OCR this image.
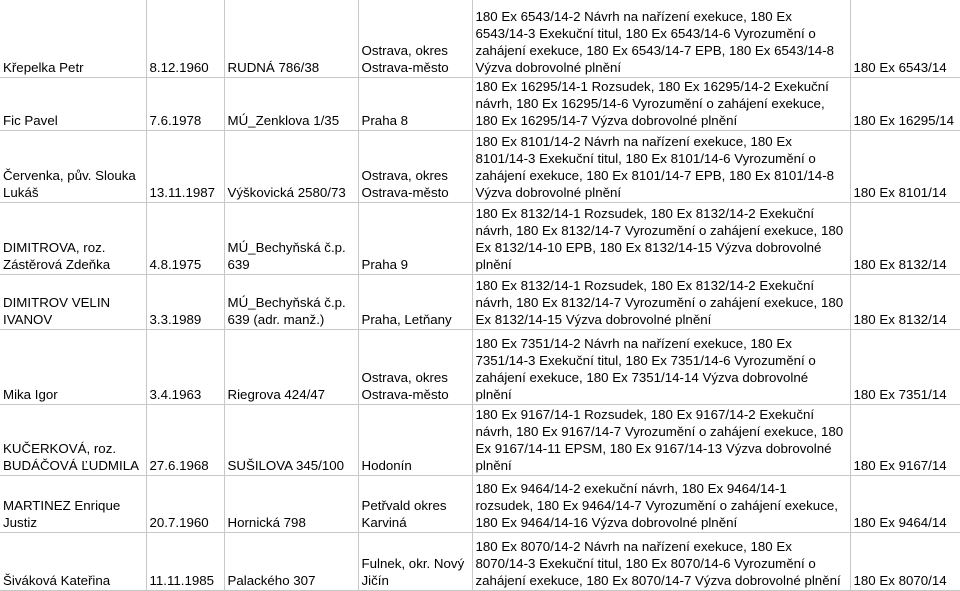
Křepelka Petr	8.12.1960	RUDNÁ 786/38	Ostrava, okres Ostrava-město	180 Ex 6543/14-2 Návrh na nařízení exekuce, 180 Ex 6543/14-3 Exekuční titul, 180 Ex 6543/14-6 Vyrozumění o zahájení exekuce, 180 Ex 6543/14-7 EPB, 180 Ex 6543/14-8 Výzva dobrovolné plnění	180 Ex 6543/14
Fic Pavel	7.6.1978	MÚ_Zenklova 1/35	Praha 8	180 Ex 16295/14-1 Rozsudek, 180 Ex 16295/14-2 Exekuční návrh, 180 Ex 16295/14-6 Vyrozumění o zahájení exekuce, 180 Ex 16295/14-7 Výzva dobrovolné plnění	180 Ex 16295/14
Červenka, pův. Slouka Lukáš	13.11.1987	Výškovická 2580/73	Ostrava, okres Ostrava-město	180 Ex 8101/14-2 Návrh na nařízení exekuce, 180 Ex 8101/14-3 Exekuční titul, 180 Ex 8101/14-6 Vyrozumění o zahájení exekuce, 180 Ex 8101/14-7 EPB, 180 Ex 8101/14-8 Výzva dobrovolné plnění	180 Ex 8101/14
DIMITROVA, roz. Zástěrová Zdeňka	4.8.1975	MÚ_Bechyňská č.p. 639	Praha 9	180 Ex 8132/14-1 Rozsudek, 180 Ex 8132/14-2 Exekuční návrh, 180 Ex 8132/14-7 Vyrozumění o zahájení exekuce, 180 Ex 8132/14-10 EPB, 180 Ex 8132/14-15 Výzva dobrovolné plnění	180 Ex 8132/14
DIMITROV VELIN IVANOV	3.3.1989	MÚ_Bechyňská č.p. 639 (adr. manž.)	Praha, Letňany	180 Ex 8132/14-1 Rozsudek, 180 Ex 8132/14-2 Exekuční návrh, 180 Ex 8132/14-7 Vyrozumění o zahájení exekuce, 180 Ex 8132/14-15 Výzva dobrovolné plnění	180 Ex 8132/14
Mika Igor	3.4.1963	Riegrova 424/47	Ostrava, okres Ostrava-město	180 Ex 7351/14-2 Návrh na nařízení exekuce, 180 Ex 7351/14-3 Exekuční titul, 180 Ex 7351/14-6 Vyrozumění o zahájení exekuce, 180 Ex 7351/14-14 Výzva dobrovolné plnění	180 Ex 7351/14
KUČERKOVÁ, roz. BUDÁČOVÁ ĽUDMILA	27.6.1968	SUŠILOVA 345/100	Hodonín	180 Ex 9167/14-1 Rozsudek, 180 Ex 9167/14-2 Exekuční návrh, 180 Ex 9167/14-7 Vyrozumění o zahájení exekuce, 180 Ex 9167/14-11 EPSM, 180 Ex 9167/14-13 Výzva dobrovolné plnění	180 Ex 9167/14
MARTINEZ Enrique Justiz	20.7.1960	Hornická 798	Petřvald okres Karviná	180 Ex 9464/14-2 exekuční návrh, 180 Ex 9464/14-1 rozsudek, 180 Ex 9464/14-7 Vyrozumění o zahájení exekuce, 180 Ex 9464/14-16 Výzva dobrovolné plnění	180 Ex 9464/14
Šiváková Kateřina	11.11.1985	Palackého 307	Fulnek, okr. Nový Jičín	180 Ex 8070/14-2 Návrh na nařízení exekuce, 180 Ex 8070/14-3 Exekuční titul, 180 Ex 8070/14-6 Vyrozumění o zahájení exekuce, 180 Ex 8070/14-7 Výzva dobrovolné plnění	180 Ex 8070/14
